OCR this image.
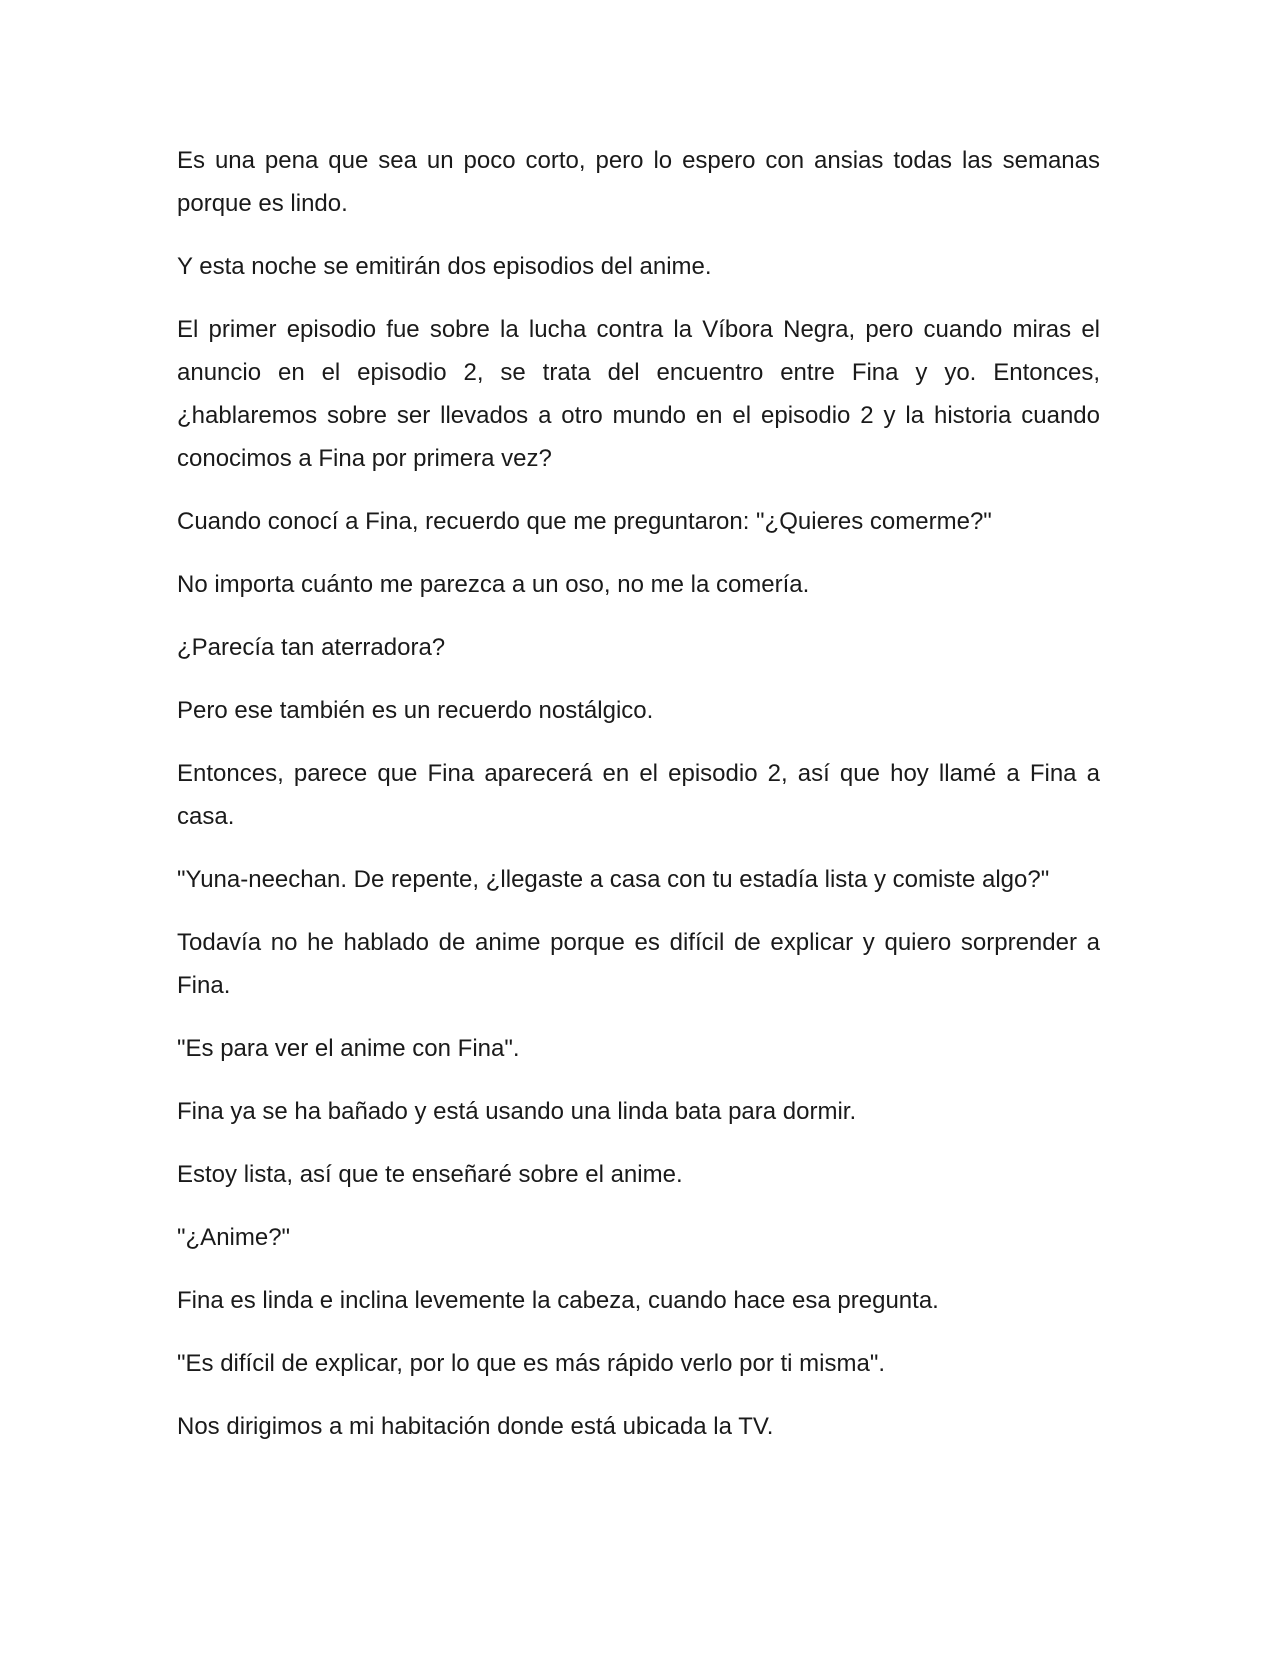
Es una pena que sea un poco corto, pero lo espero con ansias todas las semanas porque es lindo.

Y esta noche se emitirán dos episodios del anime.

El primer episodio fue sobre la lucha contra la Víbora Negra, pero cuando miras el anuncio en el episodio 2, se trata del encuentro entre Fina y yo. Entonces, ¿hablaremos sobre ser llevados a otro mundo en el episodio 2 y la historia cuando conocimos a Fina por primera vez?

Cuando conocí a Fina, recuerdo que me preguntaron: "¿Quieres comerme?"

No importa cuánto me parezca a un oso, no me la comería.

¿Parecía tan aterradora?

Pero ese también es un recuerdo nostálgico.

Entonces, parece que Fina aparecerá en el episodio 2, así que hoy llamé a Fina a casa.

"Yuna-neechan. De repente, ¿llegaste a casa con tu estadía lista y comiste algo?"

Todavía no he hablado de anime porque es difícil de explicar y quiero sorprender a Fina.

"Es para ver el anime con Fina".

Fina ya se ha bañado y está usando una linda bata para dormir.

Estoy lista, así que te enseñaré sobre el anime.

"¿Anime?"

Fina es linda e inclina levemente la cabeza, cuando hace esa pregunta.

"Es difícil de explicar, por lo que es más rápido verlo por ti misma".

Nos dirigimos a mi habitación donde está ubicada la TV.
